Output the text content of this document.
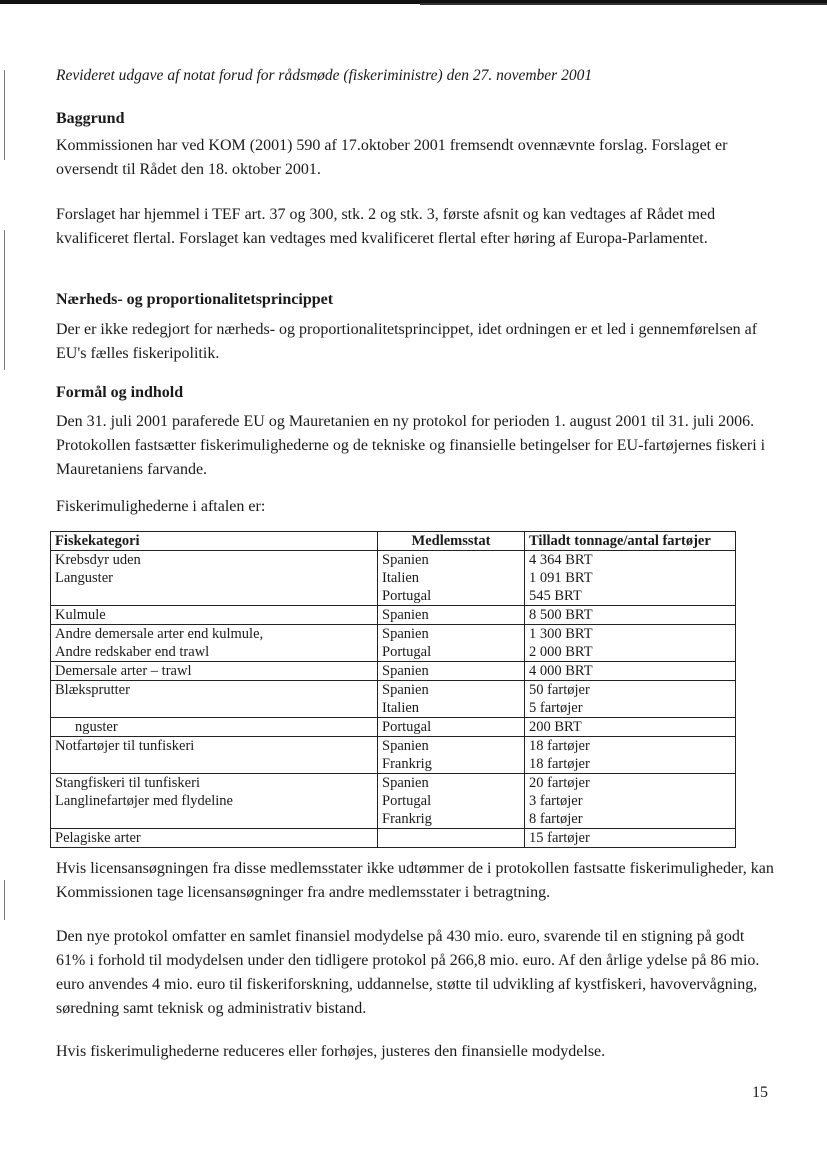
Revideret udgave af notat forud for rådsmøde (fiskeriministre) den 27. november 2001
Baggrund

Kommissionen har ved KOM (2001) 590 af 17.oktober 2001 fremsendt ovennævnte forslag. Forslaget er oversendt til Rådet den 18. oktober 2001.

Forslaget har hjemmel i TEF art. 37 og 300, stk. 2 og stk. 3, første afsnit og kan vedtages af Rådet med kvalificeret flertal. Forslaget kan vedtages med kvalificeret flertal efter høring af Europa-Parlamentet.

Nærheds- og proportionalitetsprincippet

Der er ikke redegjort for nærheds- og proportionalitetsprincippet, idet ordningen er et led i gennemførelsen af EU's fælles fiskeripolitik.

Formål og indhold

Den 31. juli 2001 paraferede EU og Mauretanien en ny protokol for perioden 1. august 2001 til 31. juli 2006. Protokollen fastsætter fiskerimulighederne og de tekniske og finansielle betingelser for EU-fartøjernes fiskeri i Mauretaniens farvande.

Fiskerimulighederne i aftalen er:
Fiskekategori	Medlemsstat	Tilladt tonnage/antal fartøjer
Krebsdyr uden	Spanien	4 364 BRT
Languster	Italien	1 091 BRT
	Portugal	545 BRT
Kulmule	Spanien	8 500 BRT
Andre demersale arter end kulmule,	Spanien	1 300 BRT
Andre redskaber end trawl	Portugal	2 000 BRT
Demersale arter – trawl	Spanien	4 000 BRT
Blæksprutter	Spanien	50 fartøjer
	Italien	5 fartøjer
nguster	Portugal	200 BRT
Notfartøjer til tunfiskeri	Spanien	18 fartøjer
	Frankrig	18 fartøjer
Stangfiskeri til tunfiskeri	Spanien	20 fartøjer
Langlinefartøjer med flydeline	Portugal	3 fartøjer
	Frankrig	8 fartøjer
Pelagiske arter		15 fartøjer

Hvis licensansøgningen fra disse medlemsstater ikke udtømmer de i protokollen fastsatte fiskerimuligheder, kan Kommissionen tage licensansøgninger fra andre medlemsstater i betragtning.

Den nye protokol omfatter en samlet finansiel modydelse på 430 mio. euro, svarende til en stigning på godt 61% i forhold til modydelsen under den tidligere protokol på 266,8 mio. euro. Af den årlige ydelse på 86 mio. euro anvendes 4 mio. euro til fiskeriforskning, uddannelse, støtte til udvikling af kystfiskeri, havovervågning, søredning samt teknisk og administrativ bistand.

Hvis fiskerimulighederne reduceres eller forhøjes, justeres den finansielle modydelse.

15
